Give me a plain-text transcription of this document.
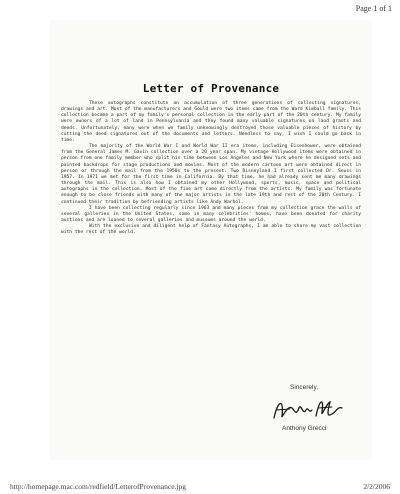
Page 1 of 1
Letter of Provenance

These autographs constitute an accumulation of three generations of collecting signatures, drawings and art. Most of the manufacturers and Gould were two items came from the Ward Kimball family. This collection became a part of my family's personal collection in the early part of the 20th century. My family were owners of a lot of land in Pennsylvania and they found many valuable signatures on land grants and deeds. Unfortunately, many were when we family unknowingly destroyed those valuable pieces of history by cutting the deed signatures out of the documents and letters. Needless to say, I wish I could go back in time.

The majority of the World War I and World War II era items, including Eisenhower, were obtained from the General James M. Gavin collection over a 20 year span. My vintage Hollywood items were obtained in person from one family member who split his time between Los Angeles and New York where he designed sets and painted backdrops for stage productions and movies. Most of the modern cartoon art were obtained direct in person or through the mail from the 1950s to the present. Two Disneyland I first collected Dr. Seuss in 1957. In 1971 we met for the first time in California. By that time, he had already sent me many drawings through the mail. This is also how I obtained my other Hollywood, sports, music, space and political autographs in the collection. Most of the fine art came directly from the artists. My family was fortunate enough to be close friends with many of the major artists in the late 19th and rest of the 20th Century. I continued their tradition by befriending artists like Andy Warhol.

I have been collecting regularly since 1963 and many pieces from my collection grace the walls of several galleries in the United States, some in many celebrities' homes, have been donated for charity auctions and are loaned to several galleries and museums around the world.

With the exclusive and diligent help of Fantasy Autographs, I am able to share my vast collection with the rest of the world.

Sincerely,
Anthony Grecci
http://homepage.mac.com/redfield/LetterofProvenance.jpg	2/2/2006
